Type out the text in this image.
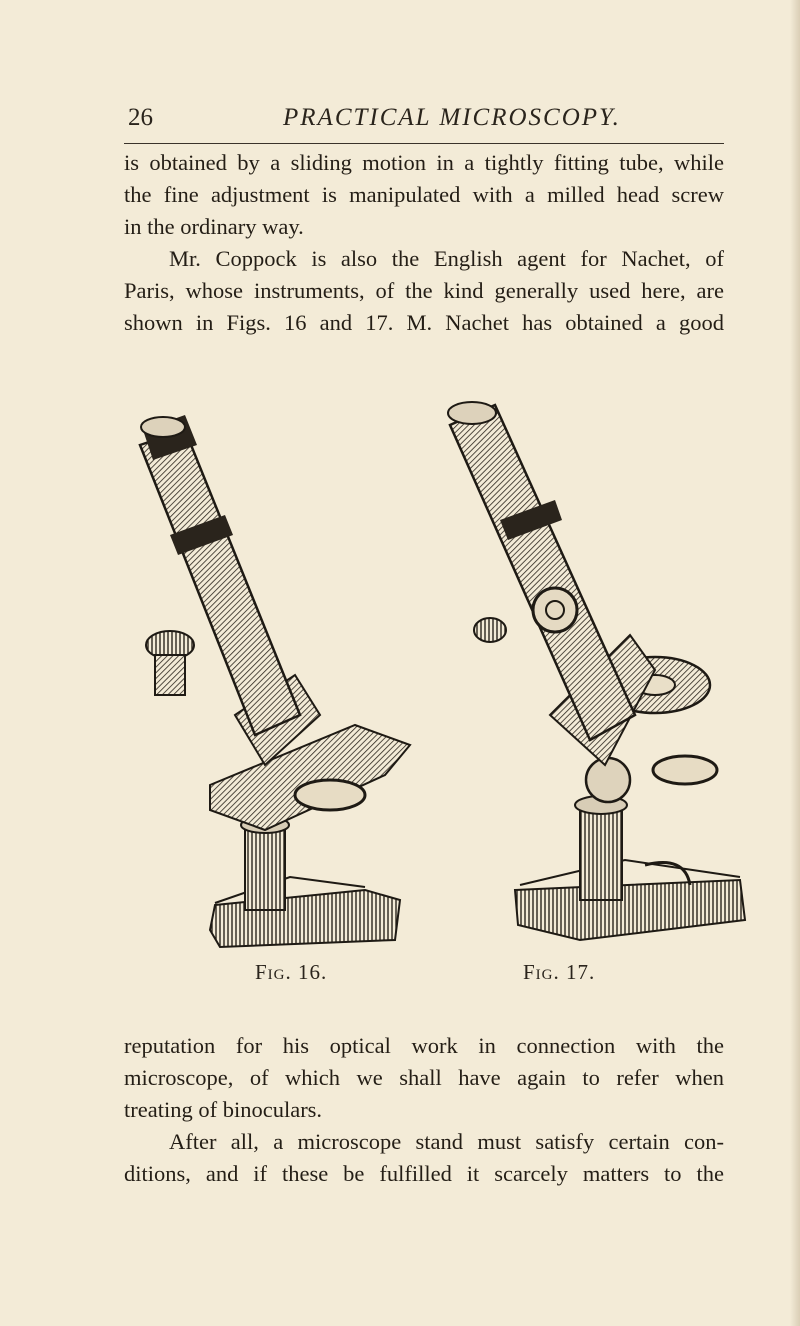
26	PRACTICAL MICROSCOPY.
is obtained by a sliding motion in a tightly fitting tube, while
the fine adjustment is manipulated with a milled head screw
in the ordinary way.
Mr. Coppock is also the English agent for Nachet, of
Paris, whose instruments, of the kind generally used here, are
shown in Figs. 16 and 17. M. Nachet has obtained a good
Fig. 16.	Fig. 17.
reputation for his optical work in connection with the
microscope, of which we shall have again to refer when
treating of binoculars.
After all, a microscope stand must satisfy certain con-
ditions, and if these be fulfilled it scarcely matters to the
